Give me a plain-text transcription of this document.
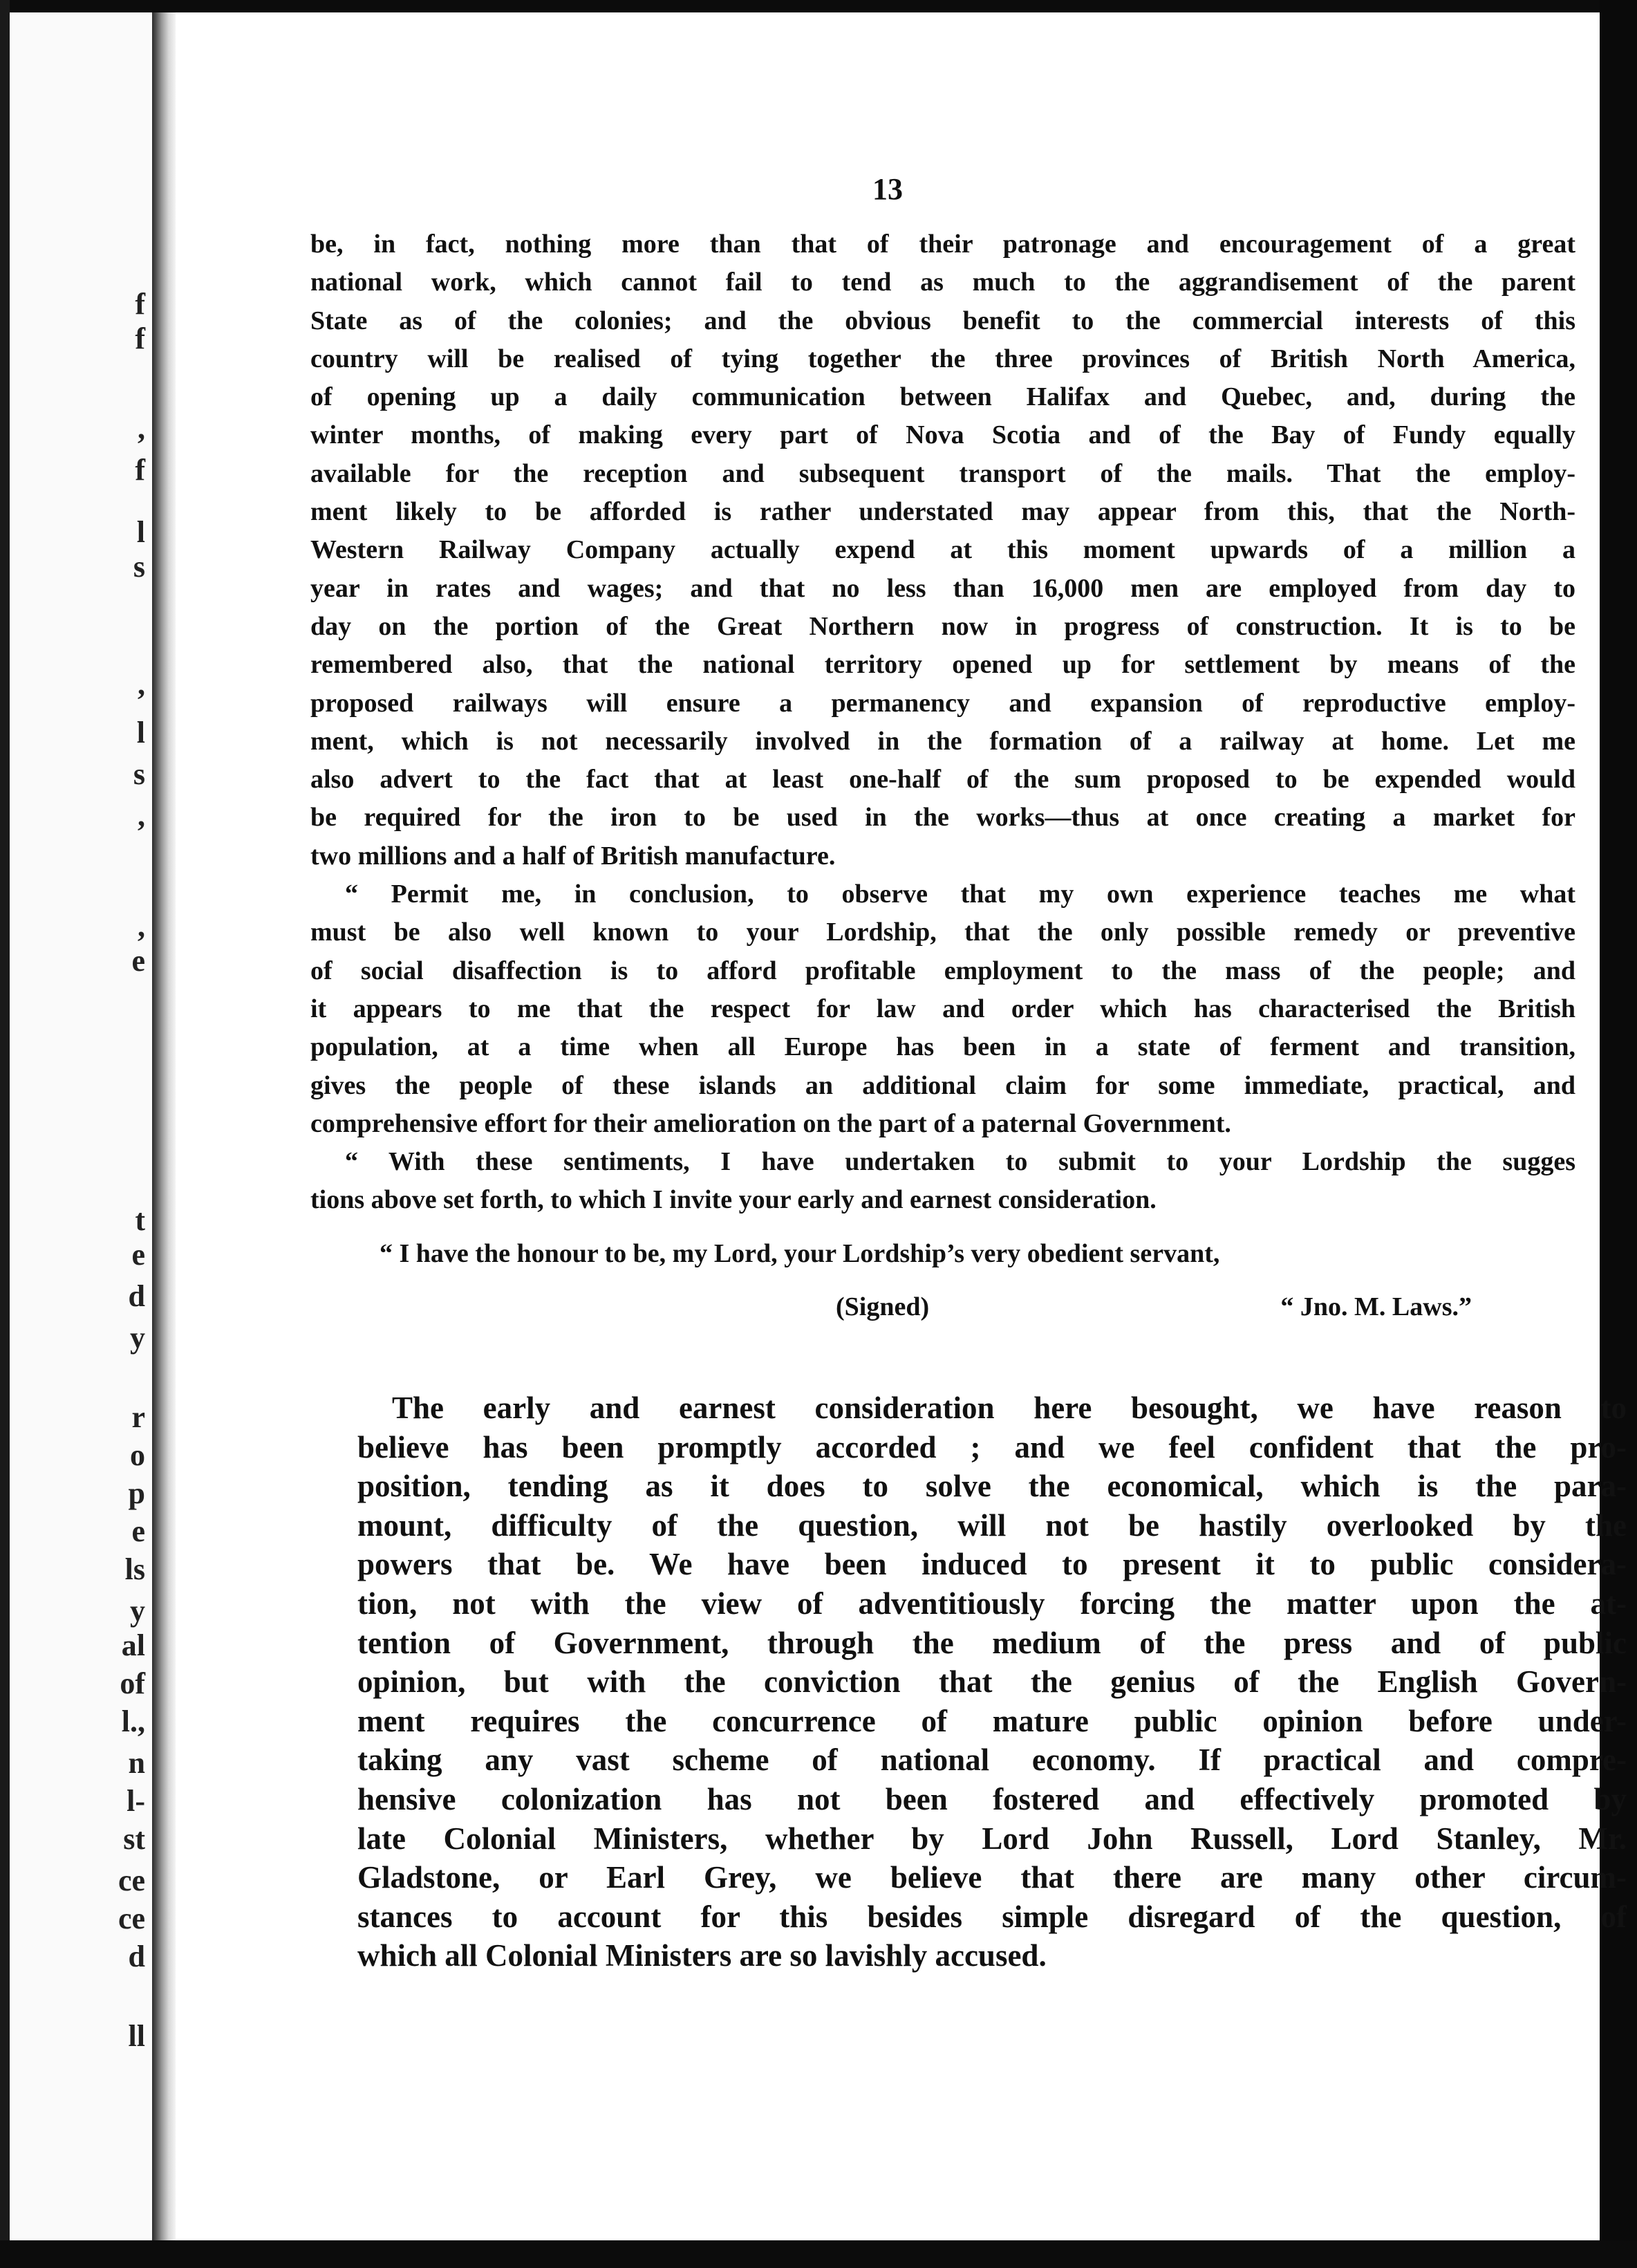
f
f
,
f
l
s
,
l
s
,
,
e
t
e
d
y
r
o
p
e
ls
y
al
of
l.,
n
l-
st
ce
ce
d
ll
13
be, in fact, nothing more than that of their patronage and encouragement of a great
national work, which cannot fail to tend as much to the aggrandisement of the parent
State as of the colonies; and the obvious benefit to the commercial interests of this
country will be realised of tying together the three provinces of British North America,
of opening up a daily communication between Halifax and Quebec, and, during the
winter months, of making every part of Nova Scotia and of the Bay of Fundy equally
available for the reception and subsequent transport of the mails. That the employ-
ment likely to be afforded is rather understated may appear from this, that the North-
Western Railway Company actually expend at this moment upwards of a million a
year in rates and wages; and that no less than 16,000 men are employed from day to
day on the portion of the Great Northern now in progress of construction. It is to be
remembered also, that the national territory opened up for settlement by means of the
proposed railways will ensure a permanency and expansion of reproductive employ-
ment, which is not necessarily involved in the formation of a railway at home. Let me
also advert to the fact that at least one-half of the sum proposed to be expended would
be required for the iron to be used in the works—thus at once creating a market for
two millions and a half of British manufacture.
“ Permit me, in conclusion, to observe that my own experience teaches me what
must be also well known to your Lordship, that the only possible remedy or preventive
of social disaffection is to afford profitable employment to the mass of the people; and
it appears to me that the respect for law and order which has characterised the British
population, at a time when all Europe has been in a state of ferment and transition,
gives the people of these islands an additional claim for some immediate, practical, and
comprehensive effort for their amelioration on the part of a paternal Government.
“ With these sentiments, I have undertaken to submit to your Lordship the sugges
tions above set forth, to which I invite your early and earnest consideration.
“ I have the honour to be, my Lord, your Lordship’s very obedient servant,
(Signed)	“ Jno. M. Laws.”
The early and earnest consideration here besought, we have reason to
believe has been promptly accorded ; and we feel confident that the pro-
position, tending as it does to solve the economical, which is the para-
mount, difficulty of the question, will not be hastily overlooked by the
powers that be. We have been induced to present it to public considera-
tion, not with the view of adventitiously forcing the matter upon the at-
tention of Government, through the medium of the press and of public
opinion, but with the conviction that the genius of the English Govern-
ment requires the concurrence of mature public opinion before under-
taking any vast scheme of national economy. If practical and compre-
hensive colonization has not been fostered and effectively promoted by
late Colonial Ministers, whether by Lord John Russell, Lord Stanley, Mr.
Gladstone, or Earl Grey, we believe that there are many other circum-
stances to account for this besides simple disregard of the question, of
which all Colonial Ministers are so lavishly accused.
